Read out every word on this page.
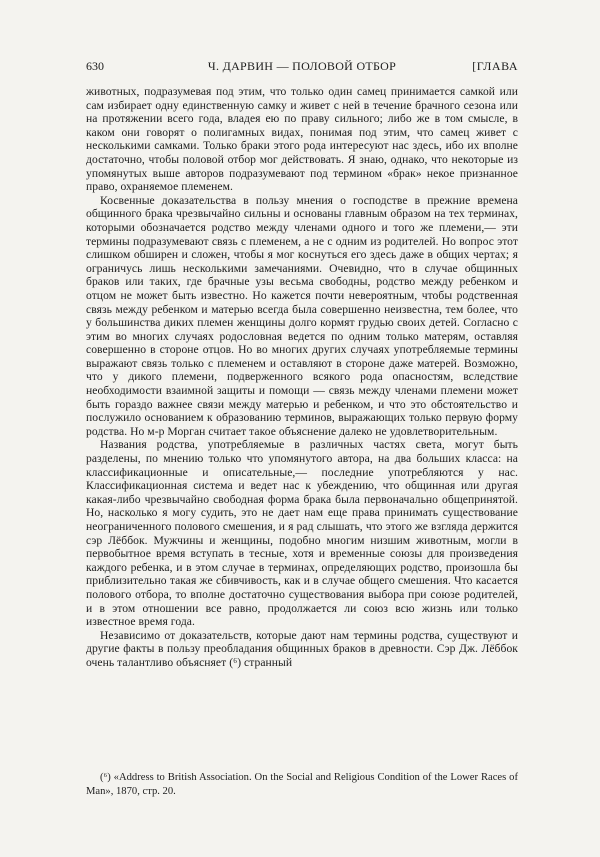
630	Ч. ДАРВИН — ПОЛОВОЙ ОТБОР	[ГЛАВА

животных, подразумевая под этим, что только один самец принимается самкой или сам избирает одну единственную самку и живет с ней в течение брачного сезона или на протяжении всего года, владея ею по праву сильного; либо же в том смысле, в каком они говорят о полигамных видах, понимая под этим, что самец живет с несколькими самками. Только браки этого рода интересуют нас здесь, ибо их вполне достаточно, чтобы половой отбор мог действовать. Я знаю, однако, что некоторые из упомянутых выше авторов подразумевают под термином «брак» некое признанное право, охраняемое племенем.

Косвенные доказательства в пользу мнения о господстве в прежние времена общинного брака чрезвычайно сильны и основаны главным образом на тех терминах, которыми обозначается родство между членами одного и того же племени,— эти термины подразумевают связь с племенем, а не с одним из родителей. Но вопрос этот слишком обширен и сложен, чтобы я мог коснуться его здесь даже в общих чертах; я ограничусь лишь несколькими замечаниями. Очевидно, что в случае общинных браков или таких, где брачные узы весьма свободны, родство между ребенком и отцом не может быть известно. Но кажется почти невероятным, чтобы родственная связь между ребенком и матерью всегда была совершенно неизвестна, тем более, что у большинства диких племен женщины долго кормят грудью своих детей. Согласно с этим во многих случаях родословная ведется по одним только матерям, оставляя совершенно в стороне отцов. Но во многих других случаях употребляемые термины выражают связь только с племенем и оставляют в стороне даже матерей. Возможно, что у дикого племени, подверженного всякого рода опасностям, вследствие необходимости взаимной защиты и помощи — связь между членами племени может быть гораздо важнее связи между матерью и ребенком, и что это обстоятельство и послужило основанием к образованию терминов, выражающих только первую форму родства. Но м-р Морган считает такое объяснение далеко не удовлетворительным.

Названия родства, употребляемые в различных частях света, могут быть разделены, по мнению только что упомянутого автора, на два больших класса: на классификационные и описательные,— последние употребляются у нас. Классификационная система и ведет нас к убеждению, что общинная или другая какая-либо чрезвычайно свободная форма брака была первоначально общепринятой. Но, насколько я могу судить, это не дает нам еще права принимать существование неограниченного полового смешения, и я рад слышать, что этого же взгляда держится сэр Лёббок. Мужчины и женщины, подобно многим низшим животным, могли в первобытное время вступать в тесные, хотя и временные союзы для произведения каждого ребенка, и в этом случае в терминах, определяющих родство, произошла бы приблизительно такая же сбивчивость, как и в случае общего смешения. Что касается полового отбора, то вполне достаточно существования выбора при союзе родителей, и в этом отношении все равно, продолжается ли союз всю жизнь или только известное время года.

Независимо от доказательств, которые дают нам термины родства, существуют и другие факты в пользу преобладания общинных браков в древности. Сэр Дж. Лёббок очень талантливо объясняет (⁶) странный

(⁶) «Address to British Association. On the Social and Religious Condition of the Lower Races of Man», 1870, стр. 20.
